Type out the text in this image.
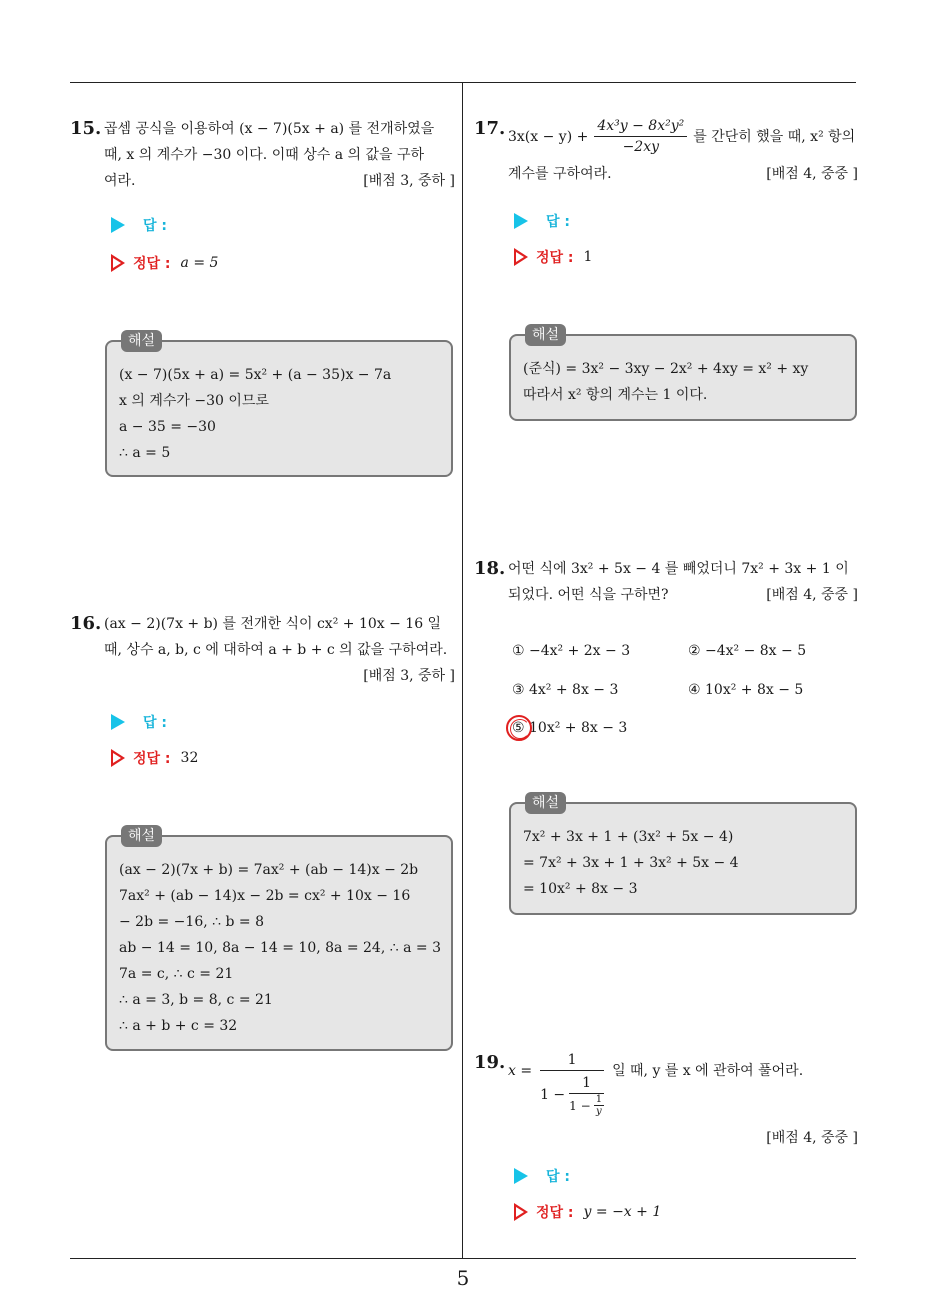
5
15. 곱셈 공식을 이용하여 (x − 7)(5x + a) 를 전개하였을
때, x 의 계수가 −30 이다. 이때 상수 a 의 값을 구하
여라.	[배점 3, 중하 ]
답 :
정답 : a = 5
해설
(x − 7)(5x + a) = 5x² + (a − 35)x − 7a
x 의 계수가 −30 이므로
a − 35 = −30
∴ a = 5
16. (ax − 2)(7x + b) 를 전개한 식이 cx² + 10x − 16 일
때, 상수 a, b, c 에 대하여 a + b + c 의 값을 구하여라.
[배점 3, 중하 ]
답 :
정답 : 32
해설
(ax − 2)(7x + b) = 7ax² + (ab − 14)x − 2b
7ax² + (ab − 14)x − 2b = cx² + 10x − 16
− 2b = −16, ∴ b = 8
ab − 14 = 10, 8a − 14 = 10, 8a = 24, ∴ a = 3
7a = c, ∴ c = 21
∴ a = 3, b = 8, c = 21
∴ a + b + c = 32
17. $3x(x - y) + \frac{\text{4x³y − 8x²y²}}{-2xy}$ 를 간단히 했을 때, x² 항의
계수를 구하여라.	[배점 4, 중중 ]
답 :
정답 : 1
해설
(준식) = 3x² − 3xy − 2x² + 4xy = x² + xy
따라서 x² 항의 계수는 1 이다.
18. 어떤 식에 3x² + 5x − 4 를 빼었더니 7x² + 3x + 1 이
되었다. 어떤 식을 구하면?	[배점 4, 중중 ]
① −4x² + 2x − 3	② −4x² − 8x − 5
③ 4x² + 8x − 3	④ 10x² + 8x − 5
⑤ 10x² + 8x − 3
해설
7x² + 3x + 1 + (3x² + 5x − 4)
= 7x² + 3x + 1 + 3x² + 5x − 4
= 10x² + 8x − 3
19. x =
1
$1 - \frac{1}{1 - \frac{1}{y}}$
일 때, y 를 x 에 관하여 풀어라.
[배점 4, 중중 ]
답 :
정답 : y = −x + 1
